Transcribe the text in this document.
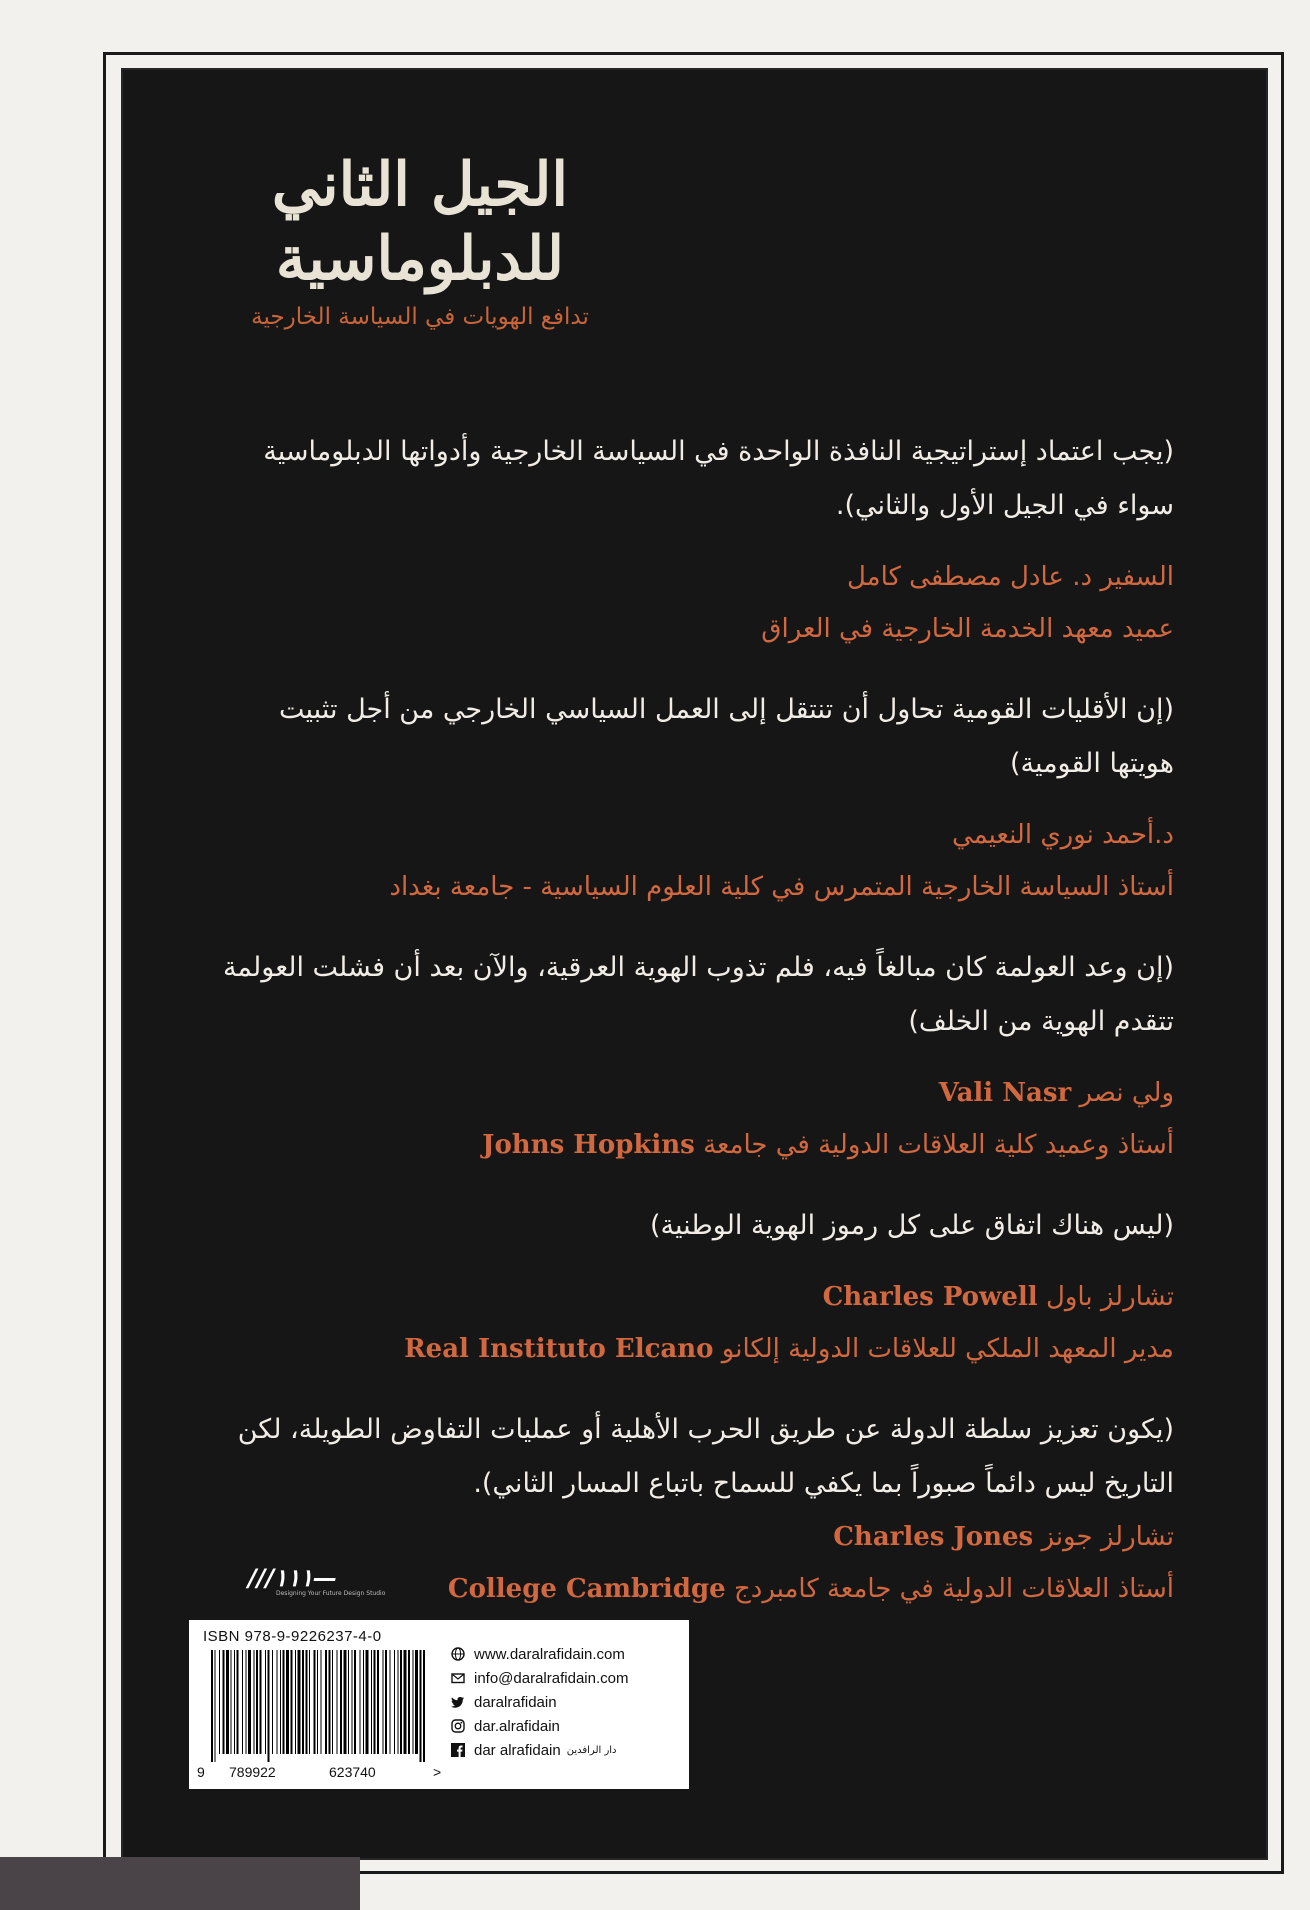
الجيل الثاني
للدبلوماسية
تدافع الهويات في السياسة الخارجية

(يجب اعتماد إستراتيجية النافذة الواحدة في السياسة الخارجية وأدواتها الدبلوماسية سواء في الجيل الأول والثاني).

السفير د. عادل مصطفى كامل

عميد معهد الخدمة الخارجية في العراق

(إن الأقليات القومية تحاول أن تنتقل إلى العمل السياسي الخارجي من أجل تثبيت هويتها القومية)

د.أحمد نوري النعيمي

أستاذ السياسة الخارجية المتمرس في كلية العلوم السياسية - جامعة بغداد

(إن وعد العولمة كان مبالغاً فيه، فلم تذوب الهوية العرقية، والآن بعد أن فشلت العولمة تتقدم الهوية من الخلف)

ولي نصر Vali Nasr

أستاذ وعميد كلية العلاقات الدولية في جامعة Johns Hopkins

(ليس هناك اتفاق على كل رموز الهوية الوطنية)

تشارلز باول Charles Powell

مدير المعهد الملكي للعلاقات الدولية إلكانو Real Instituto Elcano

(يكون تعزيز سلطة الدولة عن طريق الحرب الأهلية أو عمليات التفاوض الطويلة، لكن التاريخ ليس دائماً صبوراً بما يكفي للسماح باتباع المسار الثاني).

تشارلز جونز Charles Jones

أستاذ العلاقات الدولية في جامعة كامبردج College Cambridge

///١١١—
Designing Your Future Design Studio
ISBN 978-9-9226237-4-0
9 789922	623740	>
www.daralrafidain.com
info@daralrafidain.com
daralrafidain
dar.alrafidain
dar alrafidain دار الرافدين
